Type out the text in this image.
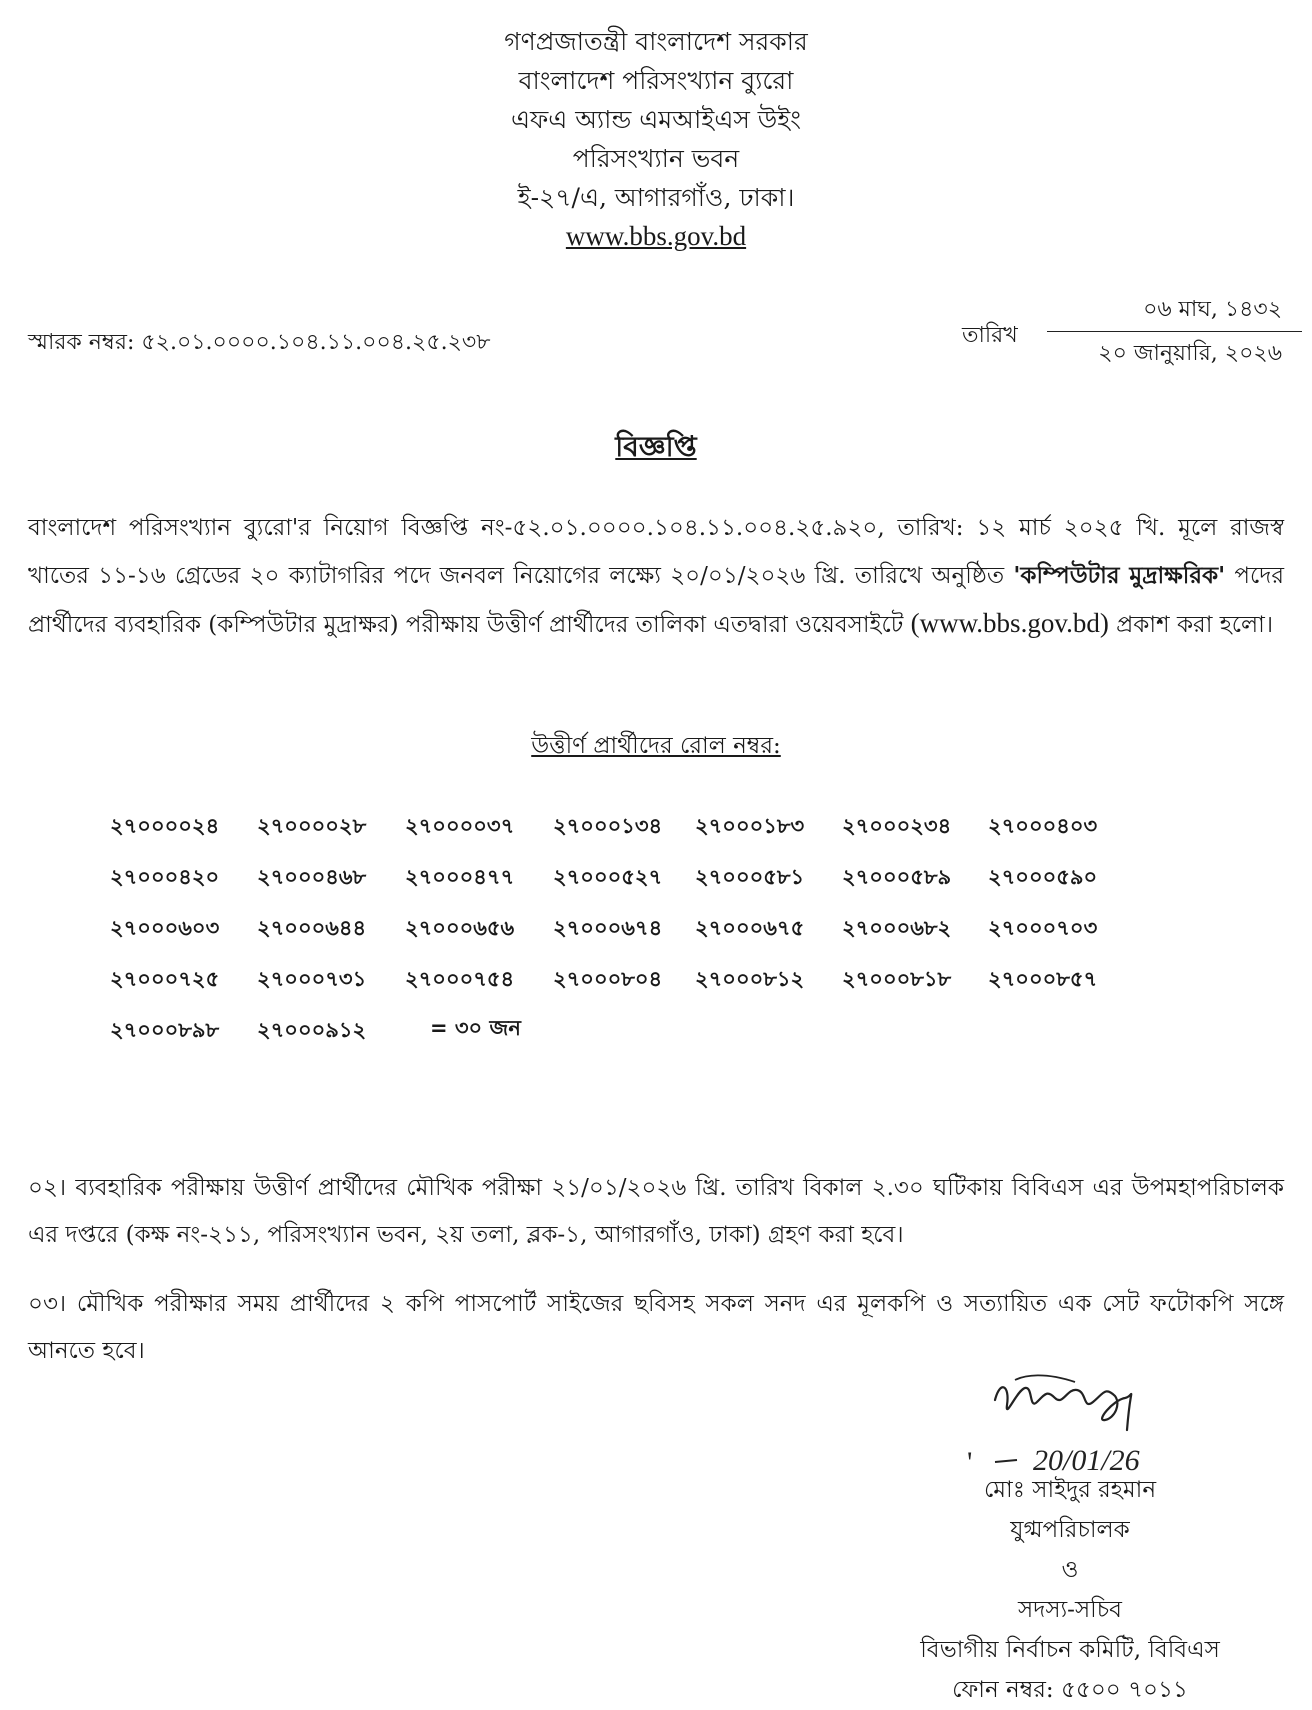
গণপ্রজাতন্ত্রী বাংলাদেশ সরকার
বাংলাদেশ পরিসংখ্যান ব্যুরো
এফএ অ্যান্ড এমআইএস উইং
পরিসংখ্যান ভবন
ই-২৭/এ, আগারগাঁও, ঢাকা।
www.bbs.gov.bd
স্মারক নম্বর: ৫২.০১.০০০০.১০৪.১১.০০৪.২৫.২৩৮	তারিখ
০৬ মাঘ, ১৪৩২
২০ জানুয়ারি, ২০২৬
বিজ্ঞপ্তি
বাংলাদেশ পরিসংখ্যান ব্যুরো'র নিয়োগ বিজ্ঞপ্তি নং-৫২.০১.০০০০.১০৪.১১.০০৪.২৫.৯২০, তারিখ: ১২ মার্চ ২০২৫ খি. মূলে রাজস্ব খাতের ১১-১৬ গ্রেডের ২০ ক্যাটাগরির পদে জনবল নিয়োগের লক্ষ্যে ২০/০১/২০২৬ খ্রি. তারিখে অনুষ্ঠিত 'কম্পিউটার মুদ্রাক্ষরিক' পদের প্রার্থীদের ব্যবহারিক (কম্পিউটার মুদ্রাক্ষর) পরীক্ষায় উত্তীর্ণ প্রার্থীদের তালিকা এতদ্বারা ওয়েবসাইটে (www.bbs.gov.bd) প্রকাশ করা হলো।
উত্তীর্ণ প্রার্থীদের রোল নম্বর:
২৭০০০০২৪ ২৭০০০০২৮ ২৭০০০০৩৭ ২৭০০০১৩৪ ২৭০০০১৮৩ ২৭০০০২৩৪ ২৭০০০৪০৩
২৭০০০৪২০ ২৭০০০৪৬৮ ২৭০০০৪৭৭ ২৭০০০৫২৭ ২৭০০০৫৮১ ২৭০০০৫৮৯ ২৭০০০৫৯০
২৭০০০৬০৩ ২৭০০০৬৪৪ ২৭০০০৬৫৬ ২৭০০০৬৭৪ ২৭০০০৬৭৫ ২৭০০০৬৮২ ২৭০০০৭০৩
২৭০০০৭২৫ ২৭০০০৭৩১ ২৭০০০৭৫৪ ২৭০০০৮০৪ ২৭০০০৮১২ ২৭০০০৮১৮ ২৭০০০৮৫৭
২৭০০০৮৯৮ ২৭০০০৯১২	= ৩০ জন
০২। ব্যবহারিক পরীক্ষায় উত্তীর্ণ প্রার্থীদের মৌখিক পরীক্ষা ২১/০১/২০২৬ খ্রি. তারিখ বিকাল ২.৩০ ঘটিকায় বিবিএস এর উপমহাপরিচালক এর দপ্তরে (কক্ষ নং-২১১, পরিসংখ্যান ভবন, ২য় তলা, ব্লক-১, আগারগাঁও, ঢাকা) গ্রহণ করা হবে।
০৩। মৌখিক পরীক্ষার সময় প্রার্থীদের ২ কপি পাসপোর্ট সাইজের ছবিসহ সকল সনদ এর মূলকপি ও সত্যায়িত এক সেট ফটোকপি সঙ্গে আনতে হবে।
' 20/01/26
মোঃ সাইদুর রহমান
যুগ্মপরিচালক
ও
সদস্য-সচিব
বিভাগীয় নির্বাচন কমিটি, বিবিএস
ফোন নম্বর: ৫৫০০ ৭০১১
